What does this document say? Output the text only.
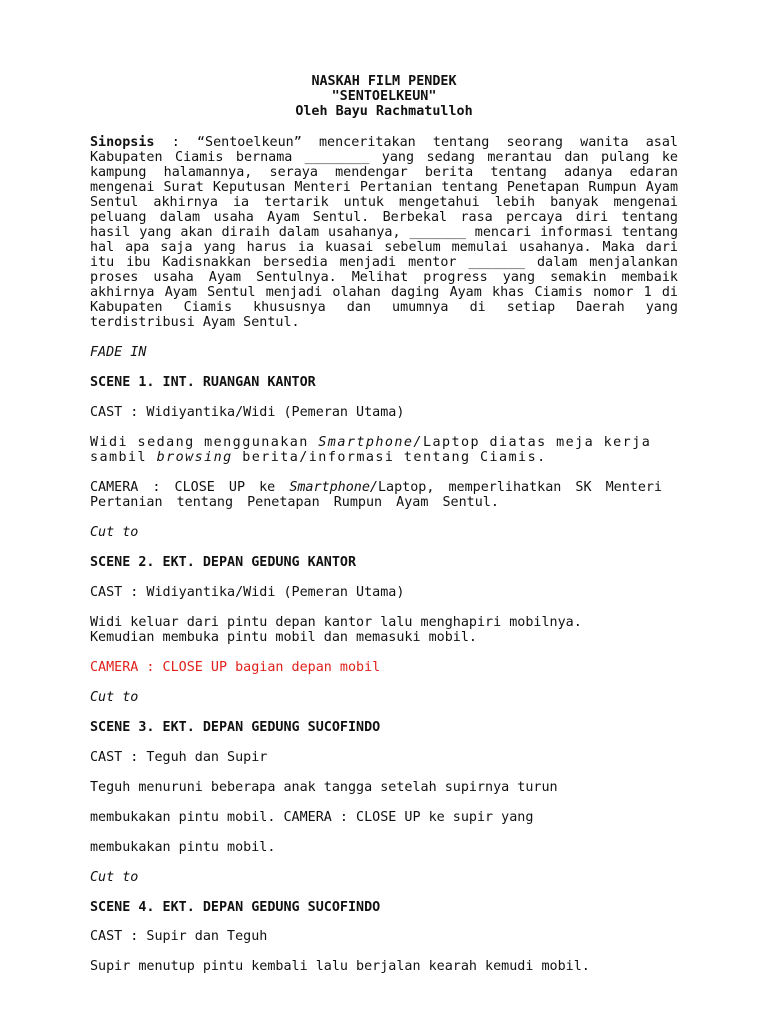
NASKAH FILM PENDEK
"SENTOELKEUN"
Oleh Bayu Rachmatulloh

Sinopsis : “Sentoelkeun” menceritakan tentang seorang wanita asal Kabupaten Ciamis bernama ________ yang sedang merantau dan pulang ke kampung halamannya, seraya mendengar berita tentang adanya edaran mengenai Surat Keputusan Menteri Pertanian tentang Penetapan Rumpun Ayam Sentul akhirnya ia tertarik untuk mengetahui lebih banyak mengenai peluang dalam usaha Ayam Sentul. Berbekal rasa percaya diri tentang hasil yang akan diraih dalam usahanya, _______ mencari informasi tentang hal apa saja yang harus ia kuasai sebelum memulai usahanya. Maka dari itu ibu Kadisnakkan bersedia menjadi mentor _______ dalam menjalankan proses usaha Ayam Sentulnya. Melihat progress yang semakin membaik akhirnya Ayam Sentul menjadi olahan daging Ayam khas Ciamis nomor 1 di Kabupaten Ciamis khususnya dan umumnya di setiap Daerah yang terdistribusi Ayam Sentul.

FADE IN

SCENE 1. INT. RUANGAN KANTOR

CAST : Widiyantika/Widi (Pemeran Utama)

Widi sedang menggunakan Smartphone/Laptop diatas meja kerja sambil browsing berita/informasi tentang Ciamis.

CAMERA : CLOSE UP ke Smartphone/Laptop, memperlihatkan SK Menteri Pertanian tentang Penetapan Rumpun Ayam Sentul.

Cut to

SCENE 2. EKT. DEPAN GEDUNG KANTOR

CAST : Widiyantika/Widi (Pemeran Utama)

Widi keluar dari pintu depan kantor lalu menghapiri mobilnya.

Kemudian membuka pintu mobil dan memasuki mobil.

CAMERA : CLOSE UP bagian depan mobil

Cut to

SCENE 3. EKT. DEPAN GEDUNG SUCOFINDO

CAST : Teguh dan Supir

Teguh menuruni beberapa anak tangga setelah supirnya turun

membukakan pintu mobil. CAMERA : CLOSE UP ke supir yang

membukakan pintu mobil.

Cut to

SCENE 4. EKT. DEPAN GEDUNG SUCOFINDO

CAST : Supir dan Teguh

Supir menutup pintu kembali lalu berjalan kearah kemudi mobil.
